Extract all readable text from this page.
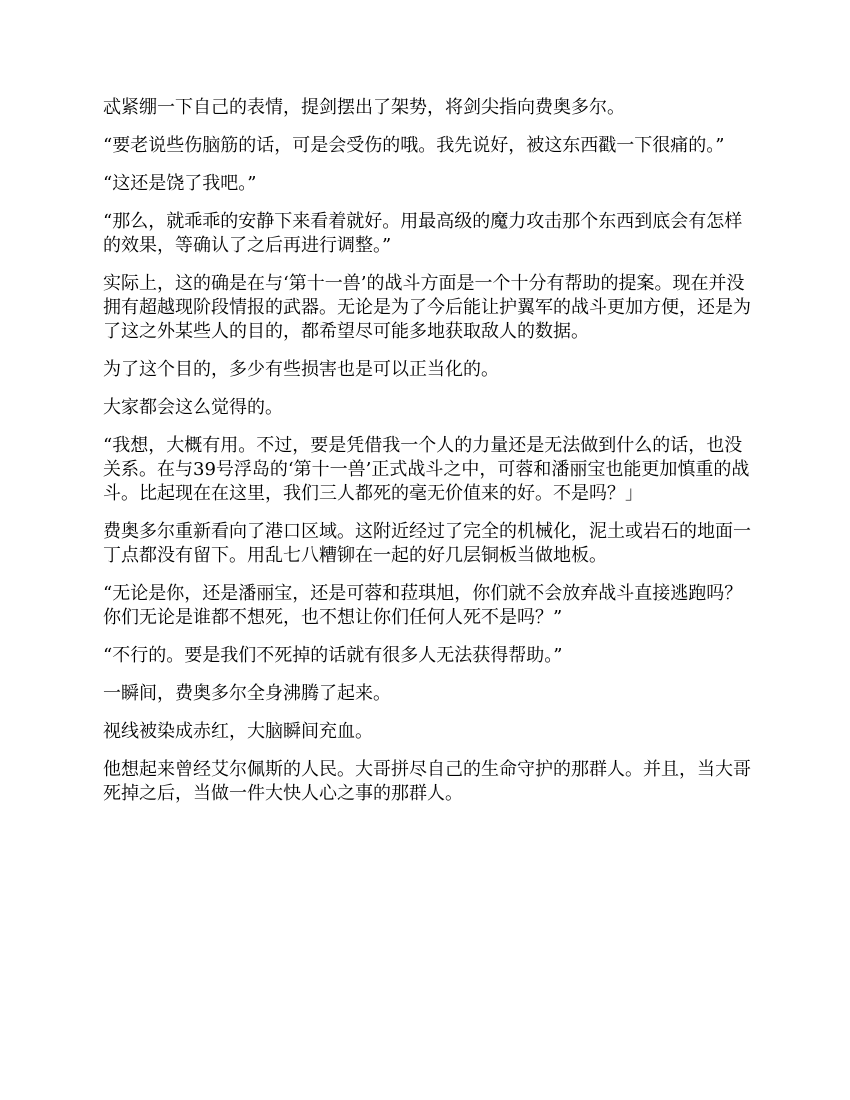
忒紧绷一下自己的表情，提剑摆出了架势，将剑尖指向费奥多尔。

“要老说些伤脑筋的话，可是会受伤的哦。我先说好，被这东西戳一下很痛的。”

“这还是饶了我吧。”

“那么，就乖乖的安静下来看着就好。用最高级的魔力攻击那个东西到底会有怎样的效果，等确认了之后再进行调整。”

实际上，这的确是在与‘第十一兽’的战斗方面是一个十分有帮助的提案。现在并没拥有超越现阶段情报的武器。无论是为了今后能让护翼军的战斗更加方便，还是为了这之外某些人的目的，都希望尽可能多地获取敌人的数据。

为了这个目的，多少有些损害也是可以正当化的。

大家都会这么觉得的。

“我想，大概有用。不过，要是凭借我一个人的力量还是无法做到什么的话，也没关系。在与39号浮岛的‘第十一兽’正式战斗之中，可蓉和潘丽宝也能更加慎重的战斗。比起现在在这里，我们三人都死的毫无价值来的好。不是吗？」

费奥多尔重新看向了港口区域。这附近经过了完全的机械化，泥土或岩石的地面一丁点都没有留下。用乱七八糟铆在一起的好几层铜板当做地板。

“无论是你，还是潘丽宝，还是可蓉和菈琪旭，你们就不会放弃战斗直接逃跑吗？你们无论是谁都不想死，也不想让你们任何人死不是吗？”

“不行的。要是我们不死掉的话就有很多人无法获得帮助。”

一瞬间，费奥多尔全身沸腾了起来。

视线被染成赤红，大脑瞬间充血。

他想起来曾经艾尔佩斯的人民。大哥拼尽自己的生命守护的那群人。并且，当大哥死掉之后，当做一件大快人心之事的那群人。
